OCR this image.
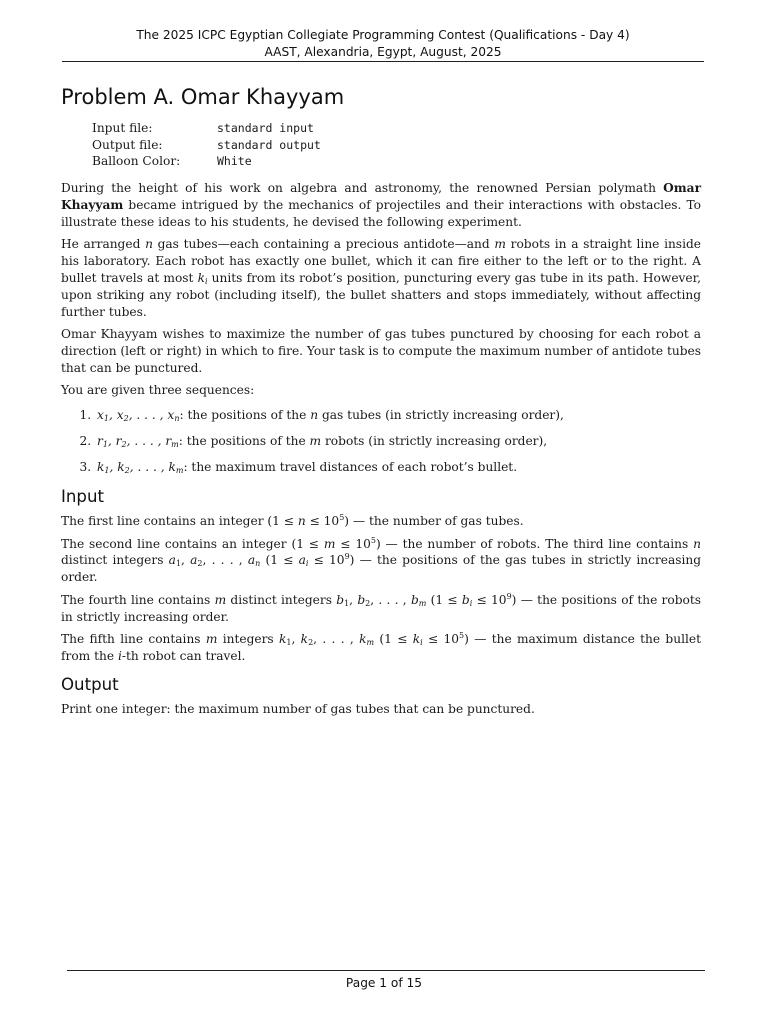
The 2025 ICPC Egyptian Collegiate Programming Contest (Qualifications - Day 4)
AAST, Alexandria, Egypt, August, 2025
Problem A. Omar Khayyam
Input file:	standard input
Output file:	standard output
Balloon Color:	White

During the height of his work on algebra and astronomy, the renowned Persian polymath Omar Khayyam became intrigued by the mechanics of projectiles and their interactions with obstacles. To illustrate these ideas to his students, he devised the following experiment.

He arranged n gas tubes—each containing a precious antidote—and m robots in a straight line inside his laboratory. Each robot has exactly one bullet, which it can fire either to the left or to the right. A bullet travels at most $k_i$ units from its robot’s position, puncturing every gas tube in its path. However, upon striking any robot (including itself), the bullet shatters and stops immediately, without affecting further tubes.

Omar Khayyam wishes to maximize the number of gas tubes punctured by choosing for each robot a direction (left or right) in which to fire. Your task is to compute the maximum number of antidote tubes that can be punctured.

You are given three sequences:

1. $x_1$, $x_2$, . . . , $x_n$: the positions of the n gas tubes (in strictly increasing order),
2. $r_1$, $r_2$, . . . , $r_m$: the positions of the m robots (in strictly increasing order),
3. $k_1$, $k_2$, . . . , $k_m$: the maximum travel distances of each robot’s bullet.
Input

The first line contains an integer $(1 \le n \le 10^5)$ — the number of gas tubes.

The second line contains an integer $(1 \le m \le 10^5)$ — the number of robots. The third line contains n distinct integers $a_1$, $a_2$, . . . , $a_n$ $(1 \le a_i \le 10^9)$ — the positions of the gas tubes in strictly increasing order.

The fourth line contains m distinct integers $b_1$, $b_2$, . . . , $b_m$ $(1 \le b_i \le 10^9)$ — the positions of the robots in strictly increasing order.

The fifth line contains m integers $k_1$, $k_2$, . . . , $k_m$ $(1 \le k_i \le 10^5)$ — the maximum distance the bullet from the i-th robot can travel.

Output

Print one integer: the maximum number of gas tubes that can be punctured.

Page 1 of 15
